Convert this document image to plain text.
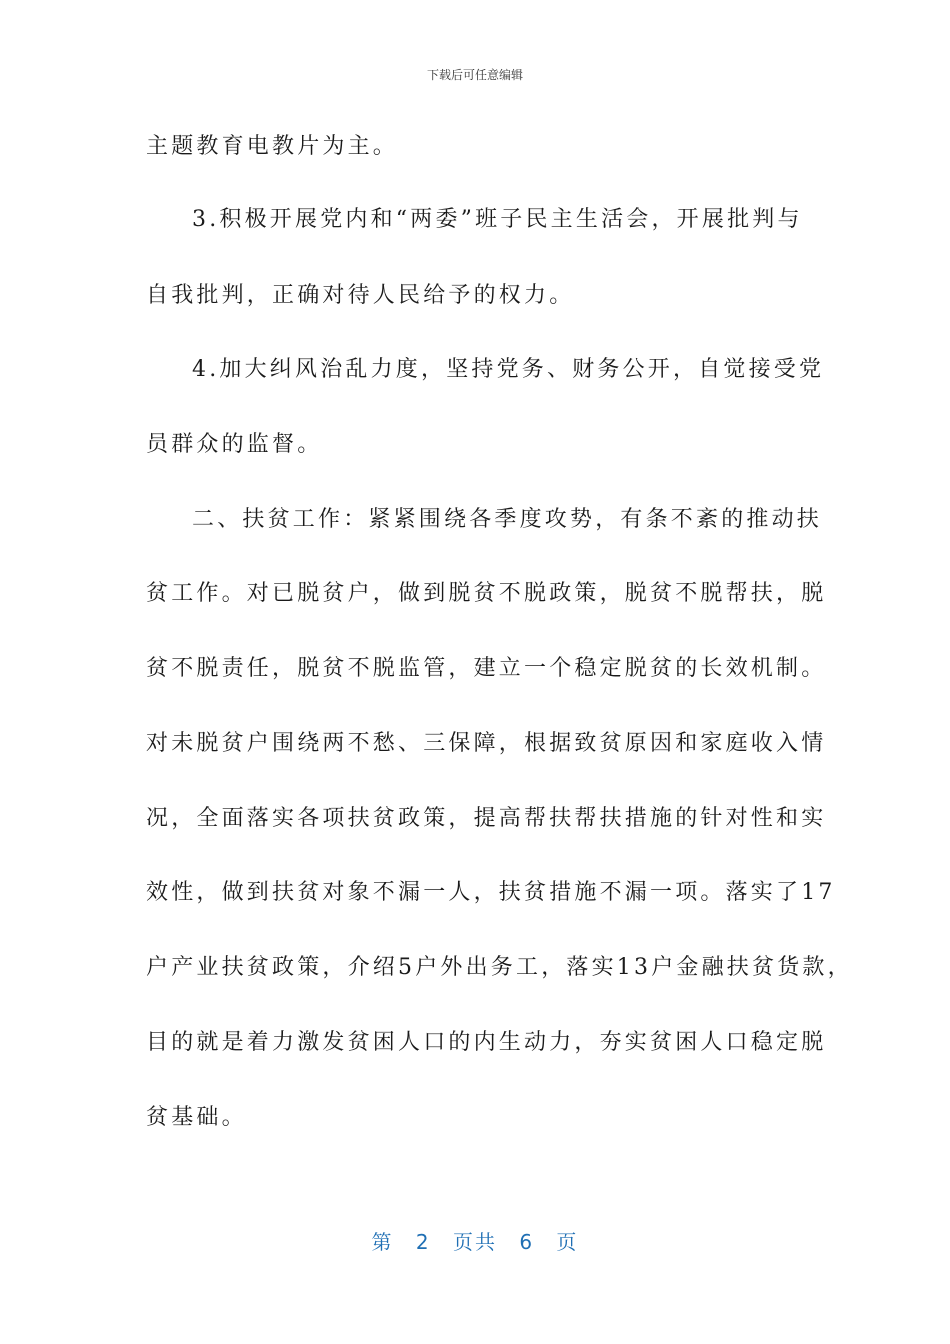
下载后可任意编辑
主题教育电教片为主。
3.积极开展党内和“两委”班子民主生活会，开展批判与
自我批判，正确对待人民给予的权力。
4.加大纠风治乱力度，坚持党务、财务公开，自觉接受党
员群众的监督。
二、扶贫工作：紧紧围绕各季度攻势，有条不紊的推动扶
贫工作。对已脱贫户，做到脱贫不脱政策，脱贫不脱帮扶，脱
贫不脱责任，脱贫不脱监管，建立一个稳定脱贫的长效机制。
对未脱贫户围绕两不愁、三保障，根据致贫原因和家庭收入情
况，全面落实各项扶贫政策，提高帮扶帮扶措施的针对性和实
效性，做到扶贫对象不漏一人，扶贫措施不漏一项。落实了17
户产业扶贫政策，介绍5户外出务工，落实13户金融扶贫货款，
目的就是着力激发贫困人口的内生动力，夯实贫困人口稳定脱
贫基础。
第 2 页共 6 页
